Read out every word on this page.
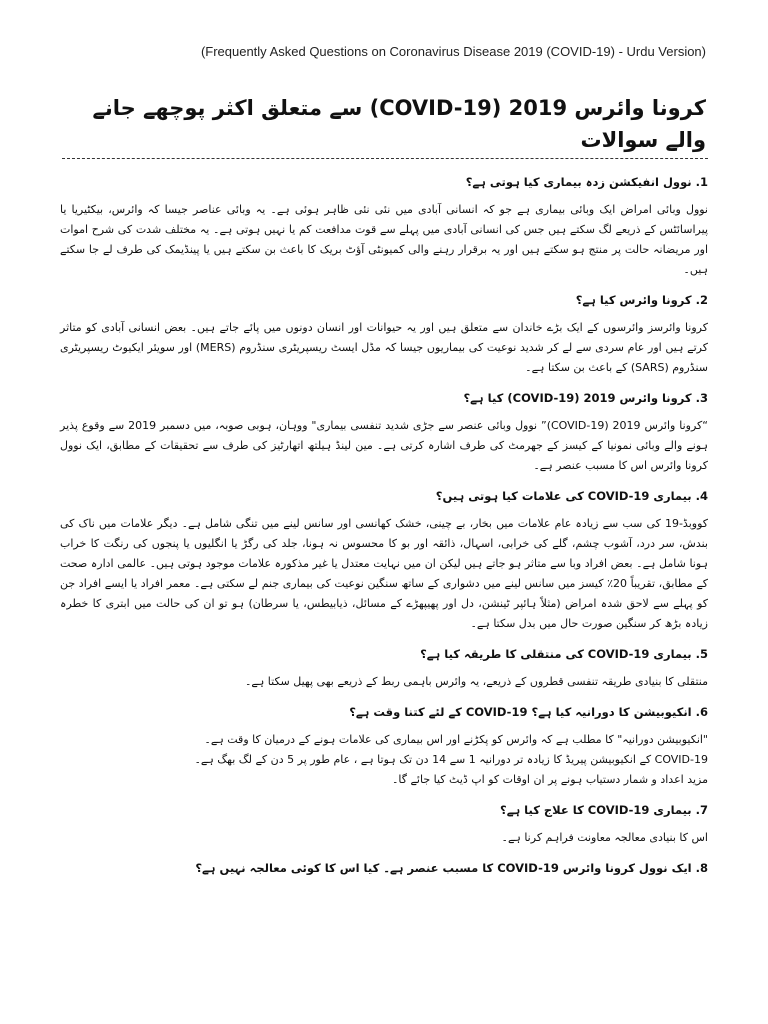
(Frequently Asked Questions on Coronavirus Disease 2019 (COVID-19) - Urdu Version)
کرونا وائرس 2019 (COVID-19) سے متعلق اکثر پوچھے جانے والے سوالات

1. نوول انفیکشن زدہ بیماری کیا ہوتی ہے؟

نوول وبائی امراض ایک وبائی بیماری ہے جو کہ انسانی آبادی میں نئی نئی ظاہر ہوئی ہے۔ یہ وبائی عناصر جیسا کہ وائرس، بیکٹیریا یا پیراسائٹس کے ذریعے لگ سکتے ہیں جس کی انسانی آبادی میں پہلے سے قوت مدافعت کم یا نہیں ہوتی ہے۔ یہ مختلف شدت کی شرح اموات اور مریضانہ حالت پر منتج ہو سکتے ہیں اور یہ برقرار رہنے والی کمیونٹی آؤٹ بریک کا باعث بن سکتے ہیں یا پینڈیمک کی طرف لے جا سکتے ہیں۔

2. کرونا وائرس کیا ہے؟

کرونا وائرسز وائرسوں کے ایک بڑے خاندان سے متعلق ہیں اور یہ حیوانات اور انسان دونوں میں پائے جاتے ہیں۔ بعض انسانی آبادی کو متاثر کرتے ہیں اور عام سردی سے لے کر شدید نوعیت کی بیماریوں جیسا کہ مڈل ایسٹ ریسپریٹری سنڈروم (MERS) اور سویئر ایکیوٹ ریسپریٹری سنڈروم (SARS) کے باعث بن سکتا ہے۔

3. کرونا وائرس 2019 (COVID-19) کیا ہے؟

“کرونا وائرس 2019 (COVID-19)” نوول وبائی عنصر سے جڑی شدید تنفسی بیماری" ووہان، ہوبی صوبہ، میں دسمبر 2019 سے وقوع پذیر ہونے والے وبائی نمونیا کے کیسز کے جھرمٹ کی طرف اشارہ کرتی ہے۔ مین لینڈ ہیلتھ اتھارٹیز کی طرف سے تحقیقات کے مطابق، ایک نوول کرونا وائرس اس کا مسبب عنصر ہے۔

4. بیماری COVID-19 کی علامات کیا ہوتی ہیں؟

کووبڈ-19 کی سب سے زیادہ عام علامات میں بخار، بے چینی، خشک کھانسی اور سانس لینے میں تنگی شامل ہے۔ دیگر علامات میں ناک کی بندش، سر درد، آشوب چشم، گلے کی خرابی، اسہال، ذائقہ اور بو کا محسوس نہ ہونا، جلد کی رگڑ یا انگلیوں یا پنجوں کی رنگت کا خراب ہونا شامل ہے۔ بعض افراد وبا سے متاثر ہو جاتے ہیں لیکن ان میں نہایت معتدل یا غیر مذکورہ علامات موجود ہوتی ہیں۔ عالمی ادارہ صحت کے مطابق، تقریباً 20٪ کیسز میں سانس لینے میں دشواری کے ساتھ سنگین نوعیت کی بیماری جنم لے سکتی ہے۔ معمر افراد یا ایسے افراد جن کو پہلے سے لاحق شدہ امراض (مثلاً ہائپر ٹینشن، دل اور پھیپھڑے کے مسائل، ذیابیطس، یا سرطان) ہو تو ان کی حالت میں ابتری کا خطرہ زیادہ بڑھ کر سنگین صورت حال میں بدل سکتا ہے۔

5. بیماری COVID-19 کی منتقلی کا طریقہ کیا ہے؟

منتقلی کا بنیادی طریقہ تنفسی قطروں کے ذریعے، یہ وائرس باہمی ربط کے ذریعے بھی پھیل سکتا ہے۔

6. انکیوبیشن کا دورانیہ کیا ہے؟ COVID-19 کے لئے کتنا وقت ہے؟

"انکیوبیشن دورانیہ" کا مطلب ہے کہ وائرس کو پکڑنے اور اس بیماری کی علامات ہونے کے درمیان کا وقت ہے۔
COVID-19 کے انکیوبیشن پیریڈ کا زیادہ تر دورانیہ 1 سے 14 دن تک ہوتا ہے ، عام طور پر 5 دن کے لگ بھگ ہے۔
مزید اعداد و شمار دستیاب ہونے پر ان اوقات کو اپ ڈیٹ کیا جائے گا۔

7. بیماری COVID-19 کا علاج کیا ہے؟

اس کا بنیادی معالجہ معاونت فراہم کرنا ہے۔

8. ایک نوول کرونا وائرس COVID-19 کا مسبب عنصر ہے۔ کیا اس کا کوئی معالجہ نہیں ہے؟
